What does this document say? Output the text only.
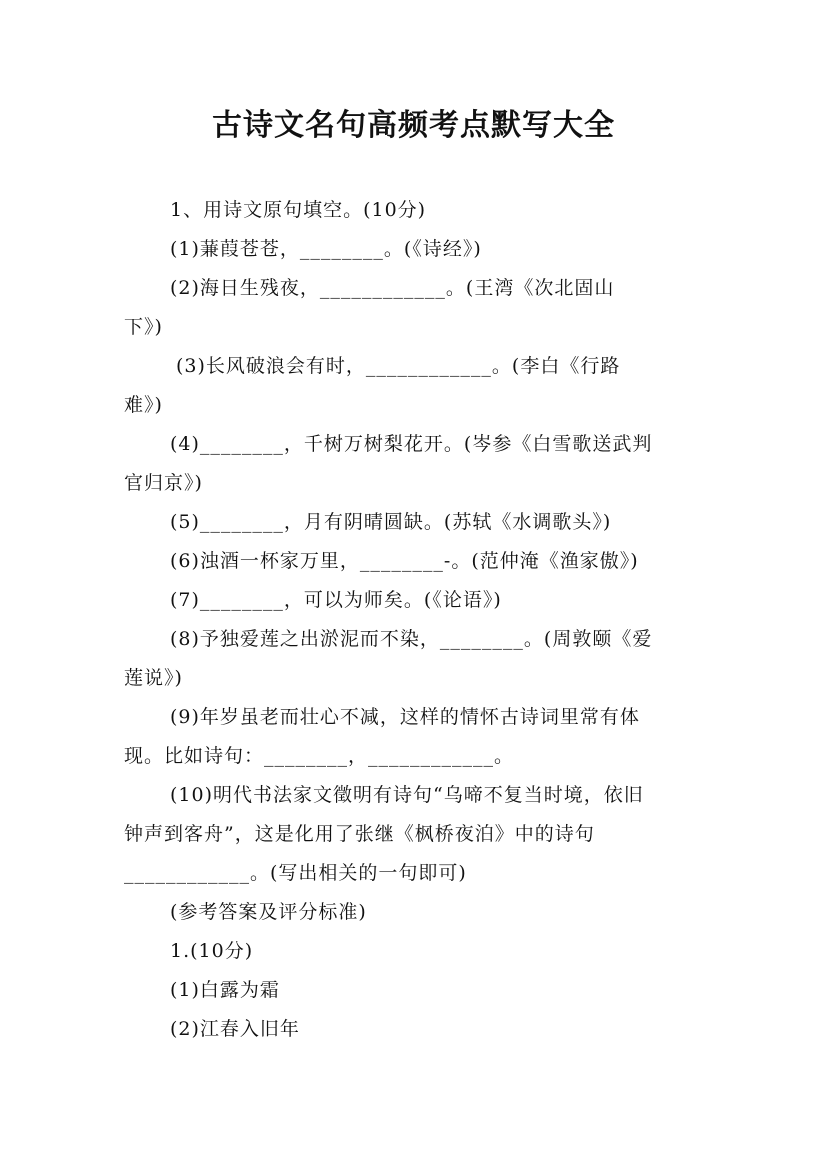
古诗文名句高频考点默写大全
1、用诗文原句填空。(10分)
(1)蒹葭苍苍，________。(《诗经》)
(2)海日生残夜，____________。(王湾《次北固山
下》)
(3)长风破浪会有时，____________。(李白《行路
难》)
(4)________，千树万树梨花开。(岑参《白雪歌送武判
官归京》)
(5)________，月有阴晴圆缺。(苏轼《水调歌头》)
(6)浊酒一杯家万里，________-。(范仲淹《渔家傲》)
(7)________，可以为师矣。(《论语》)
(8)予独爱莲之出淤泥而不染，________。(周敦颐《爱
莲说》)
(9)年岁虽老而壮心不减，这样的情怀古诗词里常有体
现。比如诗句：________，____________。
(10)明代书法家文徵明有诗句“乌啼不复当时境，依旧
钟声到客舟”，这是化用了张继《枫桥夜泊》中的诗句
____________。(写出相关的一句即可)
(参考答案及评分标准)
1.(10分)
(1)白露为霜
(2)江春入旧年
